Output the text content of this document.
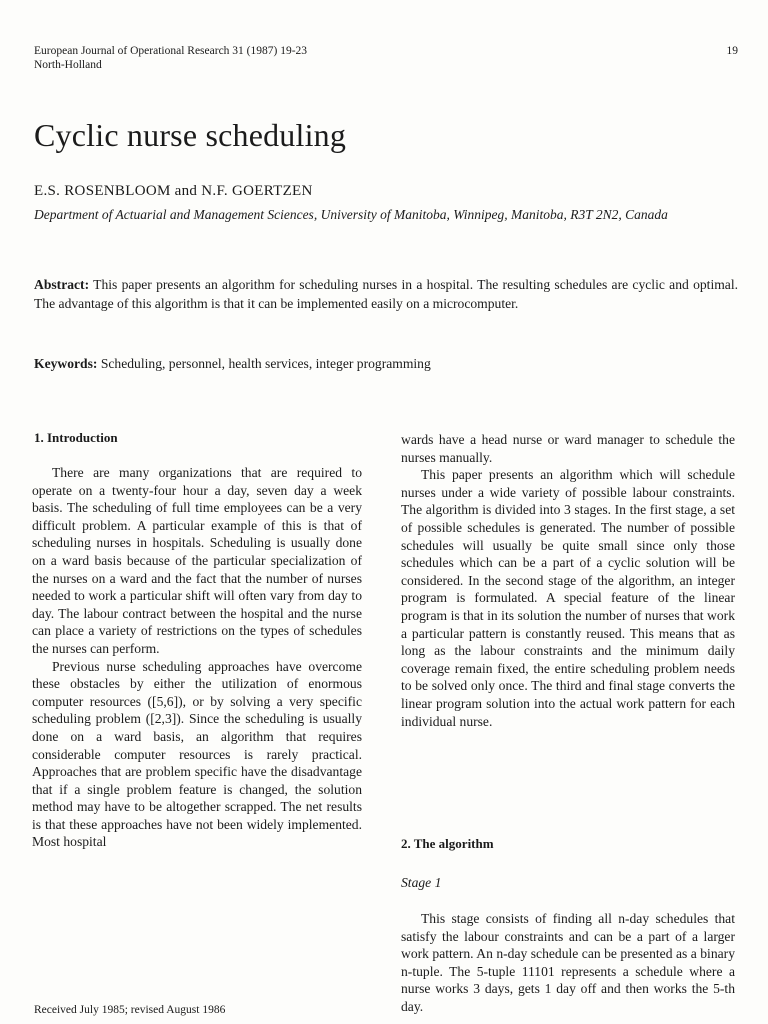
European Journal of Operational Research 31 (1987) 19-23
North-Holland
19
Cyclic nurse scheduling
E.S. ROSENBLOOM and N.F. GOERTZEN
Department of Actuarial and Management Sciences, University of Manitoba, Winnipeg, Manitoba, R3T 2N2, Canada
Abstract: This paper presents an algorithm for scheduling nurses in a hospital. The resulting schedules are cyclic and optimal. The advantage of this algorithm is that it can be implemented easily on a microcomputer.
Keywords: Scheduling, personnel, health services, integer programming
1. Introduction

There are many organizations that are required to operate on a twenty-four hour a day, seven day a week basis. The scheduling of full time employees can be a very difficult problem. A particular example of this is that of scheduling nurses in hospitals. Scheduling is usually done on a ward basis because of the particular specialization of the nurses on a ward and the fact that the number of nurses needed to work a particular shift will often vary from day to day. The labour contract between the hospital and the nurse can place a variety of restrictions on the types of schedules the nurses can perform.

Previous nurse scheduling approaches have overcome these obstacles by either the utilization of enormous computer resources ([5,6]), or by solving a very specific scheduling problem ([2,3]). Since the scheduling is usually done on a ward basis, an algorithm that requires considerable computer resources is rarely practical. Approaches that are problem specific have the disadvantage that if a single problem feature is changed, the solution method may have to be altogether scrapped. The net results is that these approaches have not been widely implemented. Most hospital

wards have a head nurse or ward manager to schedule the nurses manually.

This paper presents an algorithm which will schedule nurses under a wide variety of possible labour constraints. The algorithm is divided into 3 stages. In the first stage, a set of possible schedules is generated. The number of possible schedules will usually be quite small since only those schedules which can be a part of a cyclic solution will be considered. In the second stage of the algorithm, an integer program is formulated. A special feature of the linear program is that in its solution the number of nurses that work a particular pattern is constantly reused. This means that as long as the labour constraints and the minimum daily coverage remain fixed, the entire scheduling problem needs to be solved only once. The third and final stage converts the linear program solution into the actual work pattern for each individual nurse.

2. The algorithm
Stage 1

This stage consists of finding all n-day schedules that satisfy the labour constraints and can be a part of a larger work pattern. An n-day schedule can be presented as a binary n-tuple. The 5-tuple 11101 represents a schedule where a nurse works 3 days, gets 1 day off and then works the 5-th day.

Received July 1985; revised August 1986
